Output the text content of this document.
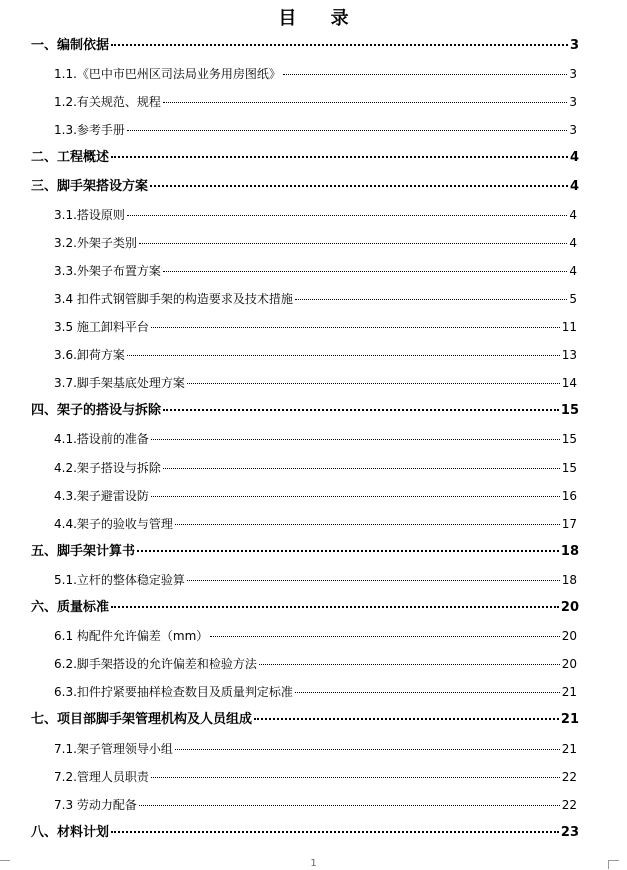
目 录
一、编制依据	3
1.1.《巴中市巴州区司法局业务用房图纸》	3
1.2.有关规范、规程	3
1.3.参考手册	3
二、工程概述	4
三、脚手架搭设方案	4
3.1.搭设原则	4
3.2.外架子类别	4
3.3.外架子布置方案	4
3.4 扣件式钢管脚手架的构造要求及技术措施	5
3.5 施工卸料平台	11
3.6.卸荷方案	13
3.7.脚手架基底处理方案	14
四、架子的搭设与拆除	15
4.1.搭设前的准备	15
4.2.架子搭设与拆除	15
4.3.架子避雷设防	16
4.4.架子的验收与管理	17
五、脚手架计算书	18
5.1.立杆的整体稳定验算	18
六、质量标准	20
6.1 构配件允许偏差（mm）	20
6.2.脚手架搭设的允许偏差和检验方法	20
6.3.扣件拧紧要抽样检查数目及质量判定标准	21
七、项目部脚手架管理机构及人员组成	21
7.1.架子管理领导小组	21
7.2.管理人员职责	22
7.3 劳动力配备	22
八、材料计划	23
1
